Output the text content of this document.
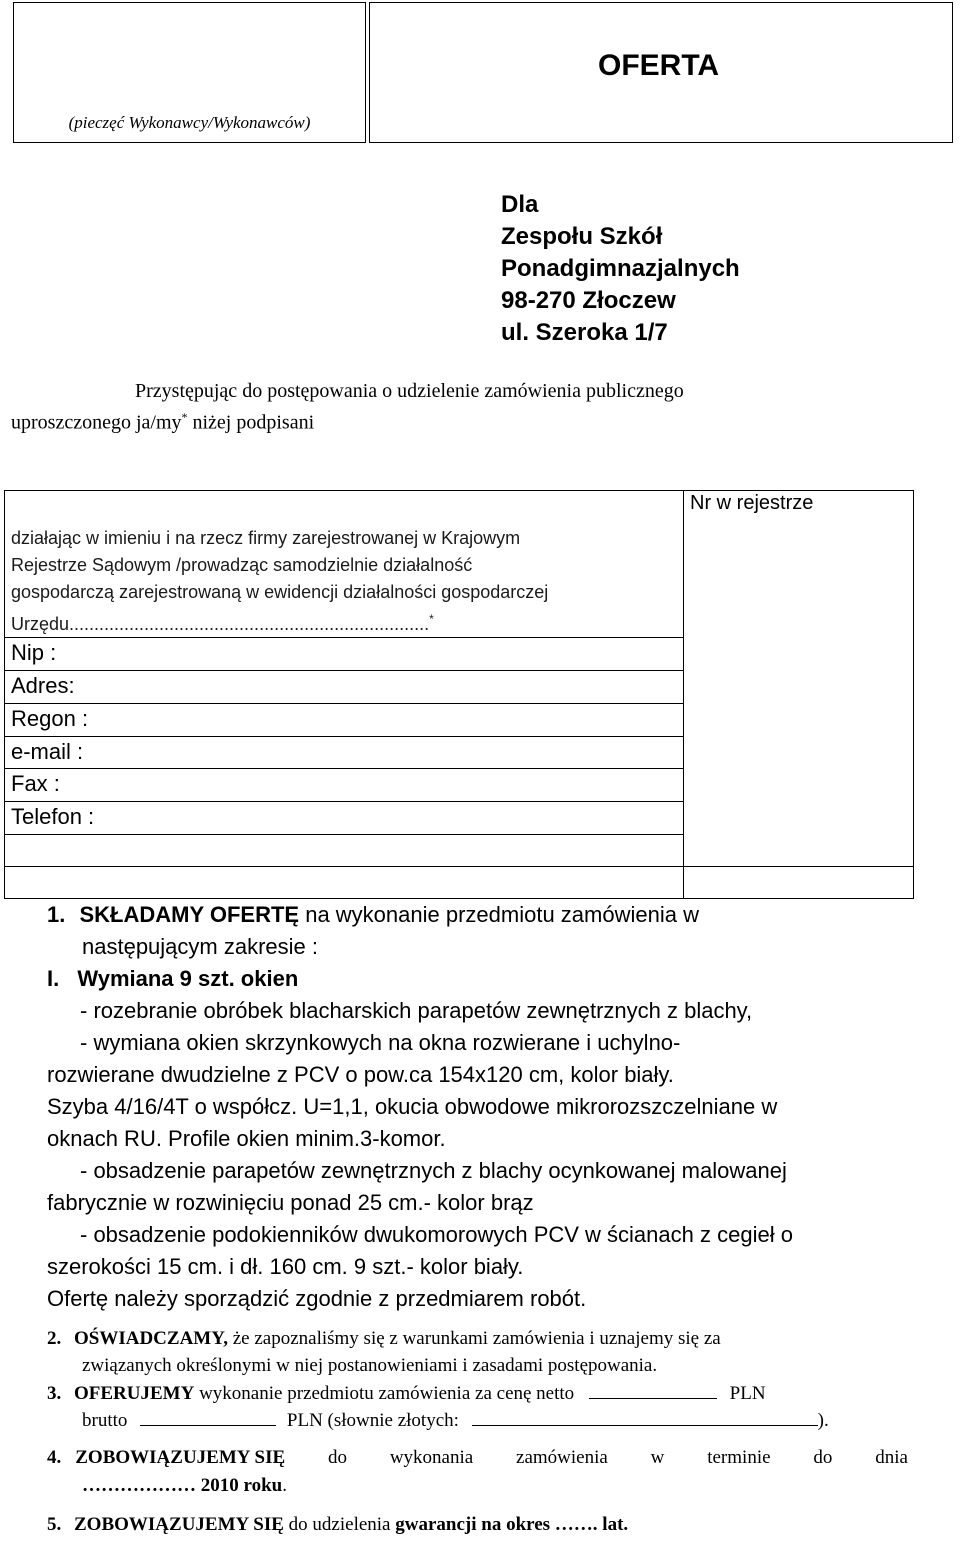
(pieczęć Wykonawcy/Wykonawców)
OFERTA
Dla
Zespołu Szkół
Ponadgimnazjalnych
98-270 Złoczew
ul. Szeroka 1/7
Przystępując do postępowania o udzielenie zamówienia publicznego
uproszczonego ja/my* niżej podpisani
Nr w rejestrze
działając w imieniu i na rzecz firmy zarejestrowanej w Krajowym
Rejestrze Sądowym /prowadząc samodzielnie działalność
gospodarczą zarejestrowaną w ewidencji działalności gospodarczej
Urzędu........................................................................*
Nip :
Adres:
Regon :
e-mail :
Fax :
Telefon :
1. SKŁADAMY OFERTĘ na wykonanie przedmiotu zamówienia w
następującym zakresie :
I. Wymiana 9 szt. okien
- rozebranie obróbek blacharskich parapetów zewnętrznych z blachy,
- wymiana okien skrzynkowych na okna rozwierane i uchylno-
rozwierane dwudzielne z PCV o pow.ca 154x120 cm, kolor biały.
Szyba 4/16/4T o współcz. U=1,1, okucia obwodowe mikrorozszczelniane w
oknach RU. Profile okien minim.3-komor.
- obsadzenie parapetów zewnętrznych z blachy ocynkowanej malowanej
fabrycznie w rozwinięciu ponad 25 cm.- kolor brąz
- obsadzenie podokienników dwukomorowych PCV w ścianach z cegieł o
szerokości 15 cm. i dł. 160 cm. 9 szt.- kolor biały.
Ofertę należy sporządzić zgodnie z przedmiarem robót.
2. OŚWIADCZAMY, że zapoznaliśmy się z warunkami zamówienia i uznajemy się za
związanych określonymi w niej postanowieniami i zasadami postępowania.
3. OFERUJEMY wykonanie przedmiotu zamówienia za cenę netto	PLN
brutto	PLN (słownie złotych:	).
4. ZOBOWIĄZUJEMY SIĘ do wykonania zamówienia w terminie do dnia
……………… 2010 roku.
5. ZOBOWIĄZUJEMY SIĘ do udzielenia gwarancji na okres ……. lat.
